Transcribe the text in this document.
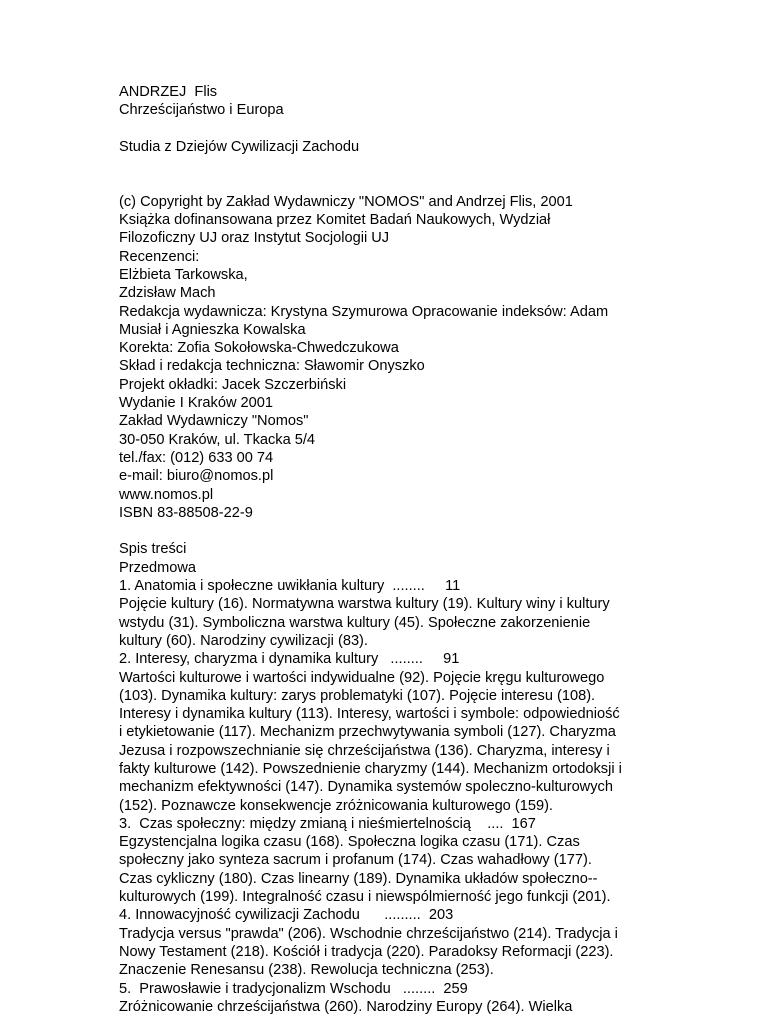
ANDRZEJ  Flis
Chrześcijaństwo i Europa
Studia z Dziejów Cywilizacji Zachodu
(c) Copyright by Zakład Wydawniczy "NOMOS" and Andrzej Flis, 2001
Książka dofinansowana przez Komitet Badań Naukowych, Wydział
Filozoficzny UJ oraz Instytut Socjologii UJ
Recenzenci:
Elżbieta Tarkowska,
Zdzisław Mach
Redakcja wydawnicza: Krystyna Szymurowa Opracowanie indeksów: Adam
Musiał i Agnieszka Kowalska
Korekta: Zofia Sokołowska-Chwedczukowa
Skład i redakcja techniczna: Sławomir Onyszko
Projekt okładki: Jacek Szczerbiński
Wydanie I Kraków 2001
Zakład Wydawniczy "Nomos"
30-050 Kraków, ul. Tkacka 5/4
tel./fax: (012) 633 00 74
e-mail: biuro@nomos.pl
www.nomos.pl
ISBN 83-88508-22-9
Spis treści
Przedmowa
1. Anatomia i społeczne uwikłania kultury  ........     11
Pojęcie kultury (16). Normatywna warstwa kultury (19). Kultury winy i kultury
wstydu (31). Symboliczna warstwa kultury (45). Społeczne zakorzenienie
kultury (60). Narodziny cywilizacji (83).
2. Interesy, charyzma i dynamika kultury   ........     91
Wartości kulturowe i wartości indywidualne (92). Pojęcie kręgu kulturowego
(103). Dynamika kultury: zarys problematyki (107). Pojęcie interesu (108).
Interesy i dynamika kultury (113). Interesy, wartości i symbole: odpowiedniość
i etykietowanie (117). Mechanizm przechwytywania symboli (127). Charyzma
Jezusa i rozpowszechnianie się chrześcijaństwa (136). Charyzma, interesy i
fakty kulturowe (142). Powszednienie charyzmy (144). Mechanizm ortodoksji i
mechanizm efektywności (147). Dynamika systemów spoleczno-kulturowych
(152). Poznawcze konsekwencje zróżnicowania kulturowego (159).
3.  Czas społeczny: między zmianą i nieśmiertelnością    ....  167
Egzystencjalna logika czasu (168). Społeczna logika czasu (171). Czas
społeczny jako synteza sacrum i profanum (174). Czas wahadłowy (177).
Czas cykliczny (180). Czas linearny (189). Dynamika układów społeczno--
kulturowych (199). Integralność czasu i niewspólmierność jego funkcji (201).
4. Innowacyjność cywilizacji Zachodu      .........  203
Tradycja versus "prawda" (206). Wschodnie chrześcijaństwo (214). Tradycja i
Nowy Testament (218). Kościół i tradycja (220). Paradoksy Reformacji (223).
Znaczenie Renesansu (238). Rewolucja techniczna (253).
5.  Prawosławie i tradycjonalizm Wschodu   ........  259
Zróżnicowanie chrześcijaństwa (260). Narodziny Europy (264). Wielka
